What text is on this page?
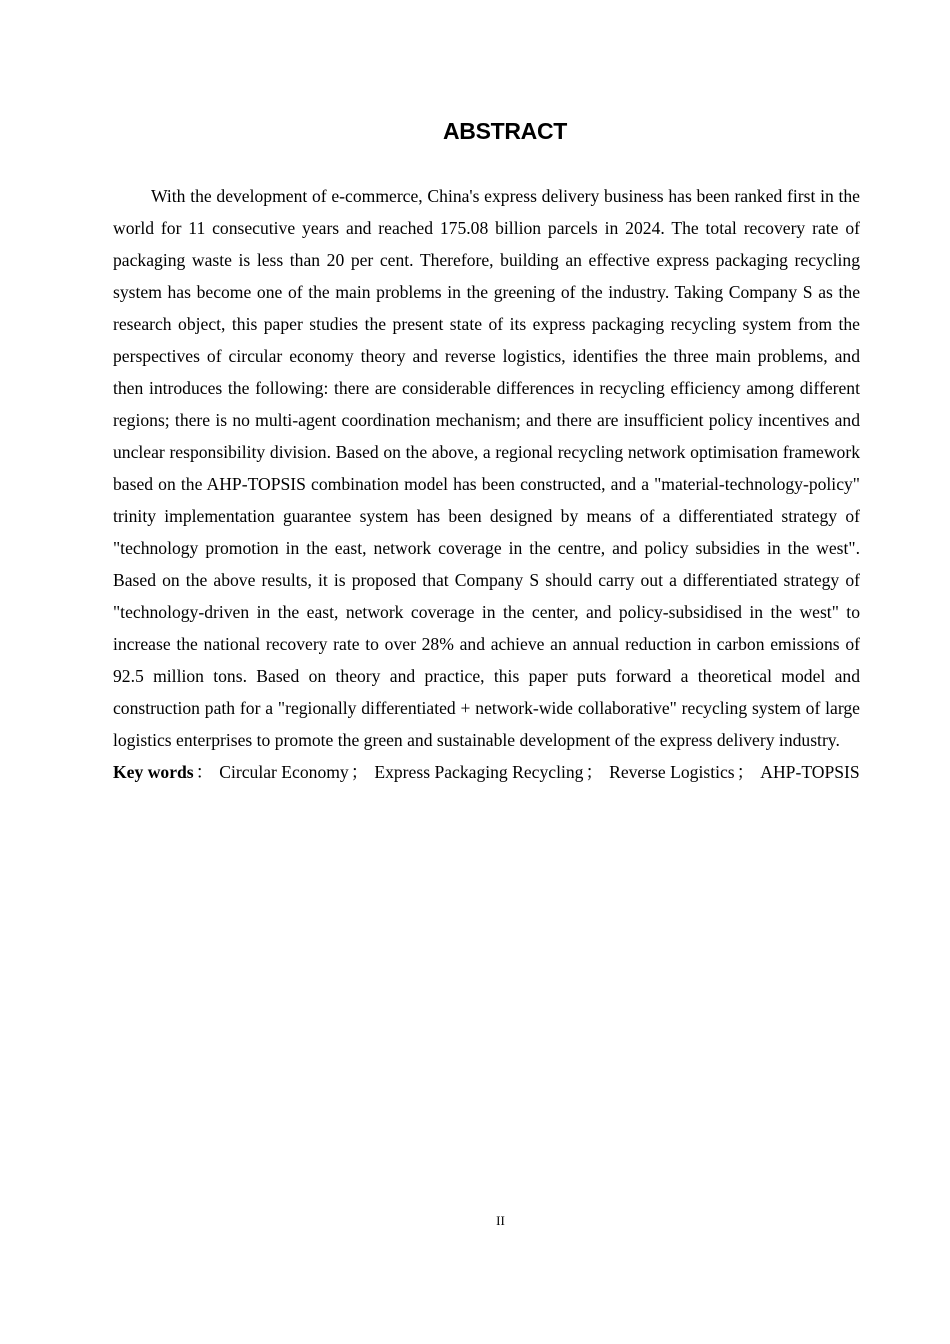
ABSTRACT

With the development of e-commerce, China's express delivery business has been ranked first in the world for 11 consecutive years and reached 175.08 billion parcels in 2024. The total recovery rate of packaging waste is less than 20 per cent. Therefore, building an effective express packaging recycling system has become one of the main problems in the greening of the industry. Taking Company S as the research object, this paper studies the present state of its express packaging recycling system from the perspectives of circular economy theory and reverse logistics, identifies the three main problems, and then introduces the following: there are considerable differences in recycling efficiency among different regions; there is no multi-agent coordination mechanism; and there are insufficient policy incentives and unclear responsibility division. Based on the above, a regional recycling network optimisation framework based on the AHP-TOPSIS combination model has been constructed, and a "material-technology-policy" trinity implementation guarantee system has been designed by means of a differentiated strategy of "technology promotion in the east, network coverage in the centre, and policy subsidies in the west". Based on the above results, it is proposed that Company S should carry out a differentiated strategy of "technology-driven in the east, network coverage in the center, and policy-subsidised in the west" to increase the national recovery rate to over 28% and achieve an annual reduction in carbon emissions of 92.5 million tons. Based on theory and practice, this paper puts forward a theoretical model and construction path for a "regionally differentiated + network-wide collaborative" recycling system of large logistics enterprises to promote the green and sustainable development of the express delivery industry.

Key words ： Circular Economy ； Express Packaging Recycling ； Reverse Logistics ； AHP-TOPSIS

II
